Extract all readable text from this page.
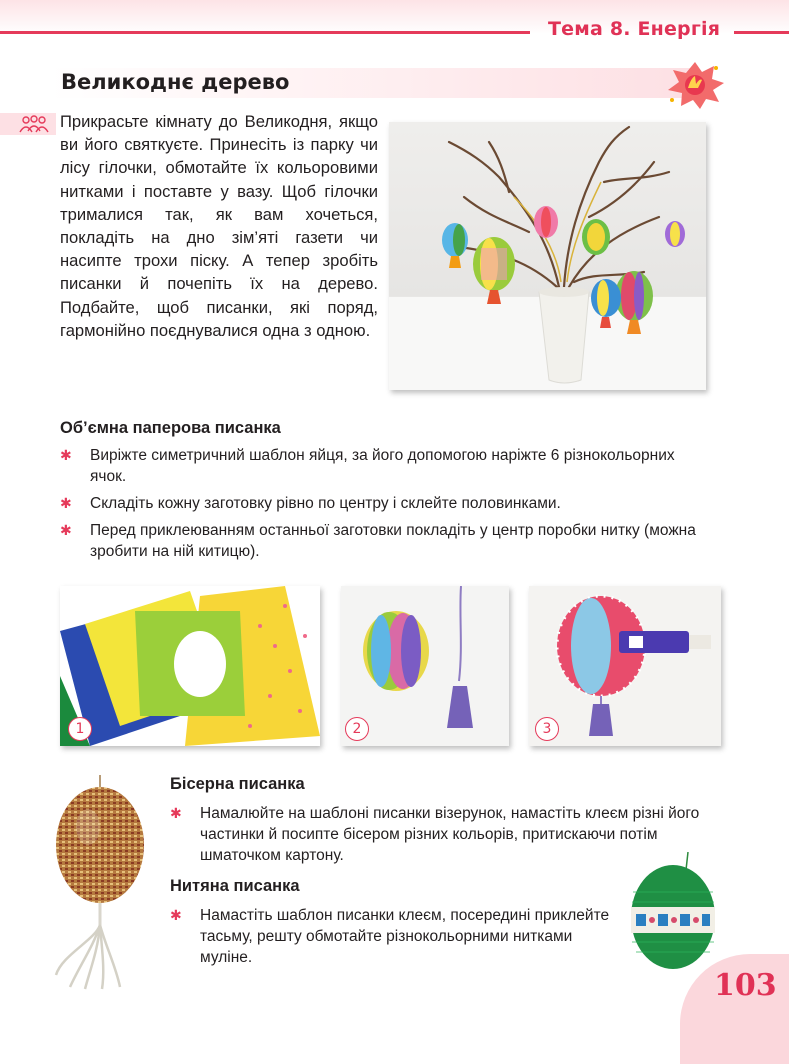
Тема 8. Енергія
Великоднє дерево
Прикрасьте кімнату до Великодня, якщо ви його святкуєте. Принесіть із парку чи лісу гілочки, обмотайте їх кольоровими нитками і поставте у вазу. Щоб гілочки трималися так, як вам хочеться, покладіть на дно зім’яті газети чи насипте трохи піску. А тепер зробіть писанки й почепіть їх на дерево. Подбайте, щоб писанки, які поряд, гармонійно поєднувалися одна з одною.
Об’ємна паперова писанка
✱ Виріжте симетричний шаблон яйця, за його допомогою наріжте 6 різнокольорних ячок.
✱ Складіть кожну заготовку рівно по центру і склейте половинками.
✱ Перед приклеюванням останньої заготовки покладіть у центр поробки нитку (можна зробити на ній китицю).
1	2	3
Бісерна писанка
✱ Намалюйте на шаблоні писанки візерунок, намастіть клеєм різні його частинки й посипте бісером різних кольорів, притискаючи потім шматочком картону.
Нитяна писанка
✱ Намастіть шаблон писанки клеєм, посередині приклейте тасьму, решту обмотайте різнокольорними нитками муліне.
103
